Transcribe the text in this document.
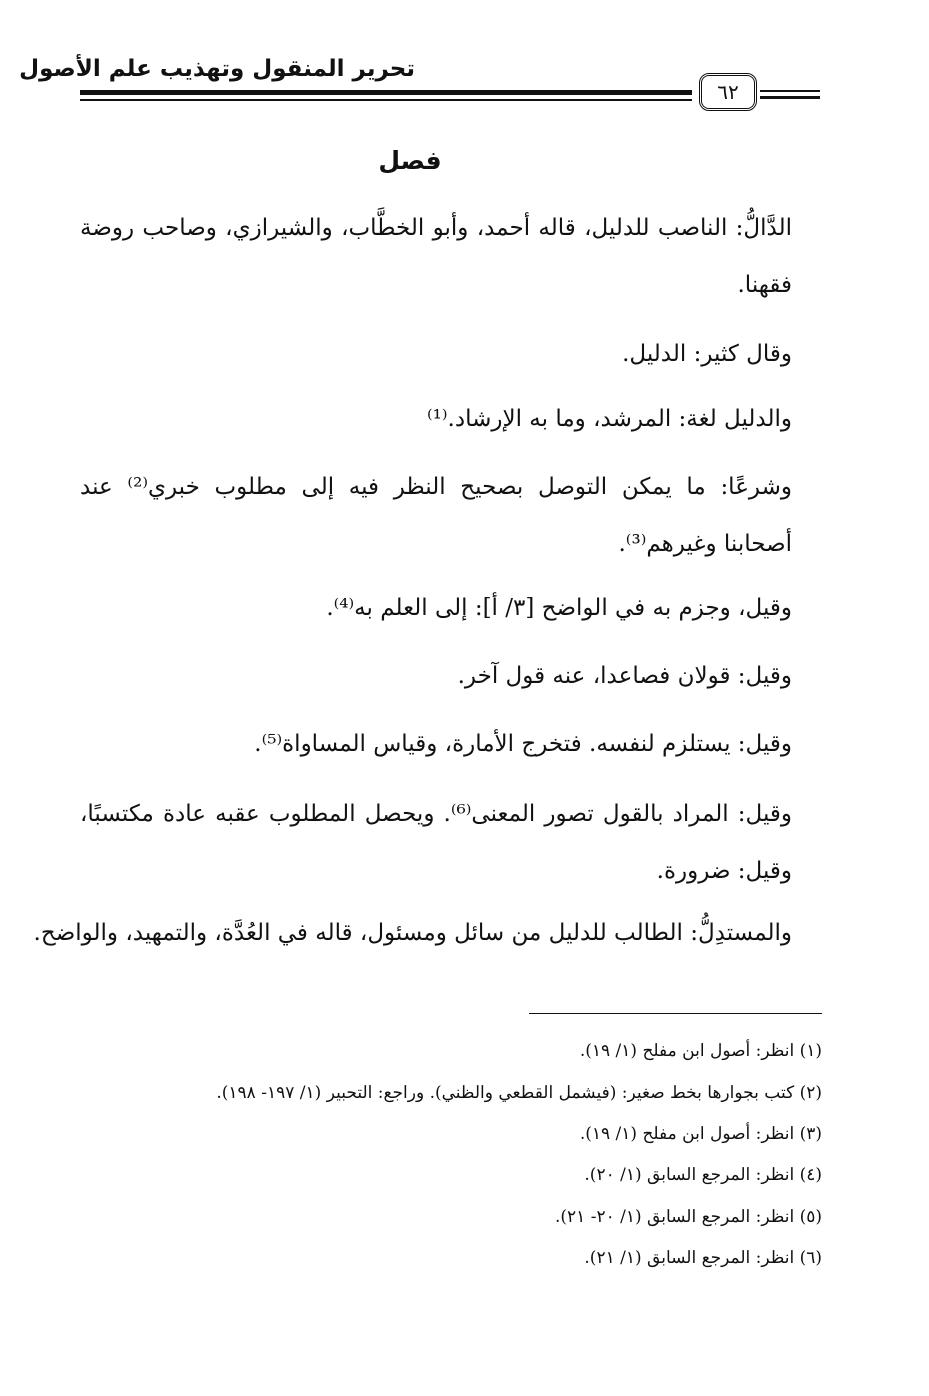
تحرير المنقول وتهذيب علم الأصول
٦٢
فصل
الدَّالُّ: الناصب للدليل، قاله أحمد، وأبو الخطَّاب، والشيرازي، وصاحب روضة فقهنا.
وقال كثير: الدليل.
والدليل لغة: المرشد، وما به الإرشاد.⁽¹⁾
وشرعًا: ما يمكن التوصل بصحيح النظر فيه إلى مطلوب خبري⁽²⁾ عند أصحابنا وغيرهم⁽³⁾.
وقيل، وجزم به في الواضح [٣/ أ]: إلى العلم به⁽⁴⁾.
وقيل: قولان فصاعدا، عنه قول آخر.
وقيل: يستلزم لنفسه. فتخرج الأمارة، وقياس المساواة⁽⁵⁾.
وقيل: المراد بالقول تصور المعنى⁽⁶⁾. ويحصل المطلوب عقبه عادة مكتسبًا، وقيل: ضرورة.
والمستدِلُّ: الطالب للدليل من سائل ومسئول، قاله في العُدَّة، والتمهيد، والواضح.
(١) انظر: أصول ابن مفلح (١/ ١٩).
(٢) كتب بجوارها بخط صغير: (فيشمل القطعي والظني). وراجع: التحبير (١/ ١٩٧- ١٩٨).
(٣) انظر: أصول ابن مفلح (١/ ١٩).
(٤) انظر: المرجع السابق (١/ ٢٠).
(٥) انظر: المرجع السابق (١/ ٢٠- ٢١).
(٦) انظر: المرجع السابق (١/ ٢١).
